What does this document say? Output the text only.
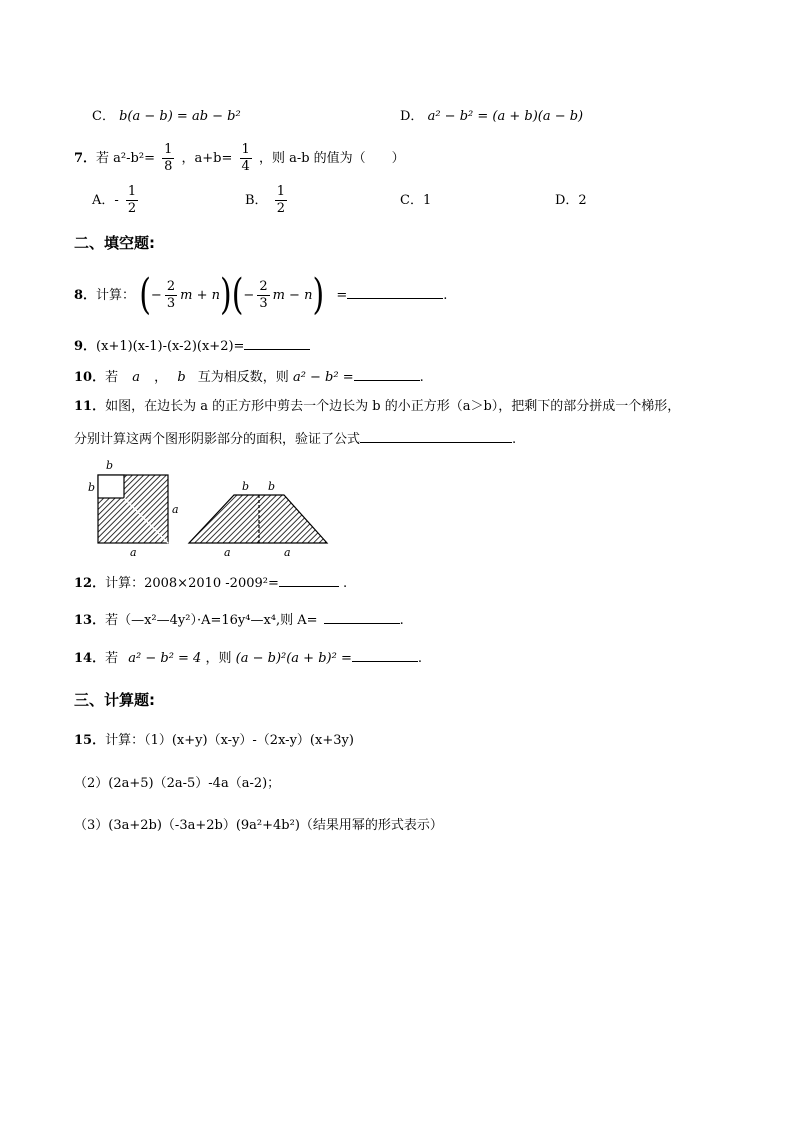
C． b(a − b) = ab − b²	D． a² − b² = (a + b)(a − b)
7．若 $a^2-b^2= \frac{1}{8}$ ，$a+b= \frac{1}{4}$ ，则 a-b 的值为（　　）
A．- $\frac{1}{2}$	B． $\frac{1}{2}$	C．1	D．2
二、填空题:
8．计算： (− $\frac{2}{3}$ $m + n)(- \frac{2}{3}$ m − n) =	.
9．(x+1)(x-1)-(x-2)(x+2)=
10．若 a ， b 互为相反数，则 a² − b² =	.
11．如图，在边长为 a 的正方形中剪去一个边长为 b 的小正方形（a＞b），把剩下的部分拼成一个梯形，
分别计算这两个图形阴影部分的面积，验证了公式	.
b
b
a
a
b b
a	a
12．计算：2008×2010 -2009²=	.
13．若（—x²—4y²）·A=16y⁴—x⁴,则 A=	.
14．若 a² − b² = 4 ，则 (a − b)²(a + b)² =	.
三、计算题:
15．计算：（1）(x+y)（x-y）-（2x-y）(x+3y)
（2）(2a+5)（2a-5）-4a（a-2)；
（3）(3a+2b)（-3a+2b）(9a²+4b²)（结果用幂的形式表示）
